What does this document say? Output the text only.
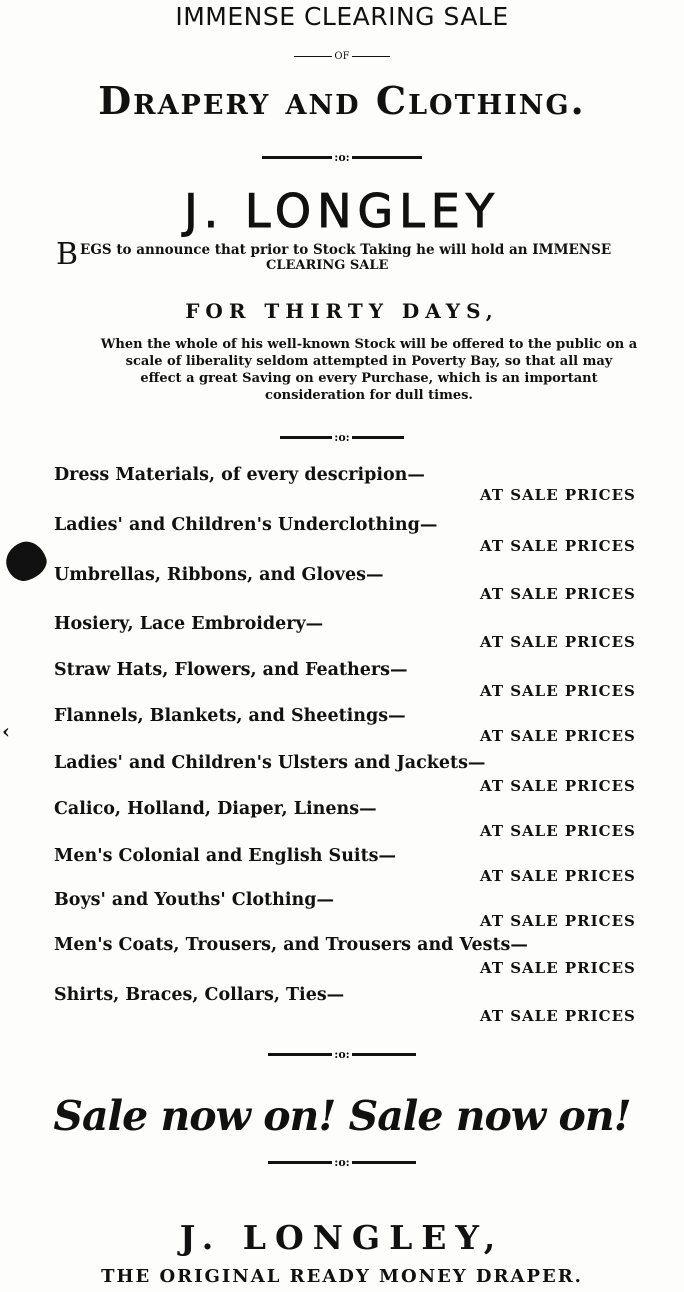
IMMENSE CLEARING SALE
OF
Drapery and Clothing.
:o:
J. LONGLEY
B EGS to announce that prior to Stock Taking he will hold an IMMENSE
CLEARING SALE
FOR THIRTY DAYS,
When the whole of his well-known Stock will be offered to the public on a
scale of liberality seldom attempted in Poverty Bay, so that all may
effect a great Saving on every Purchase, which is an important
consideration for dull times.
:o:
‹
Dress Materials, of every descripion—
AT SALE PRICES
Ladies' and Children's Underclothing—
AT SALE PRICES
Umbrellas, Ribbons, and Gloves—
AT SALE PRICES
Hosiery, Lace Embroidery—
AT SALE PRICES
Straw Hats, Flowers, and Feathers—
AT SALE PRICES
Flannels, Blankets, and Sheetings—
AT SALE PRICES
Ladies' and Children's Ulsters and Jackets—
AT SALE PRICES
Calico, Holland, Diaper, Linens—
AT SALE PRICES
Men's Colonial and English Suits—
AT SALE PRICES
Boys' and Youths' Clothing—
AT SALE PRICES
Men's Coats, Trousers, and Trousers and Vests—
AT SALE PRICES
Shirts, Braces, Collars, Ties—
AT SALE PRICES
:o:
Sale now on! Sale now on!
:o:
J. LONGLEY,
THE ORIGINAL READY MONEY DRAPER.
